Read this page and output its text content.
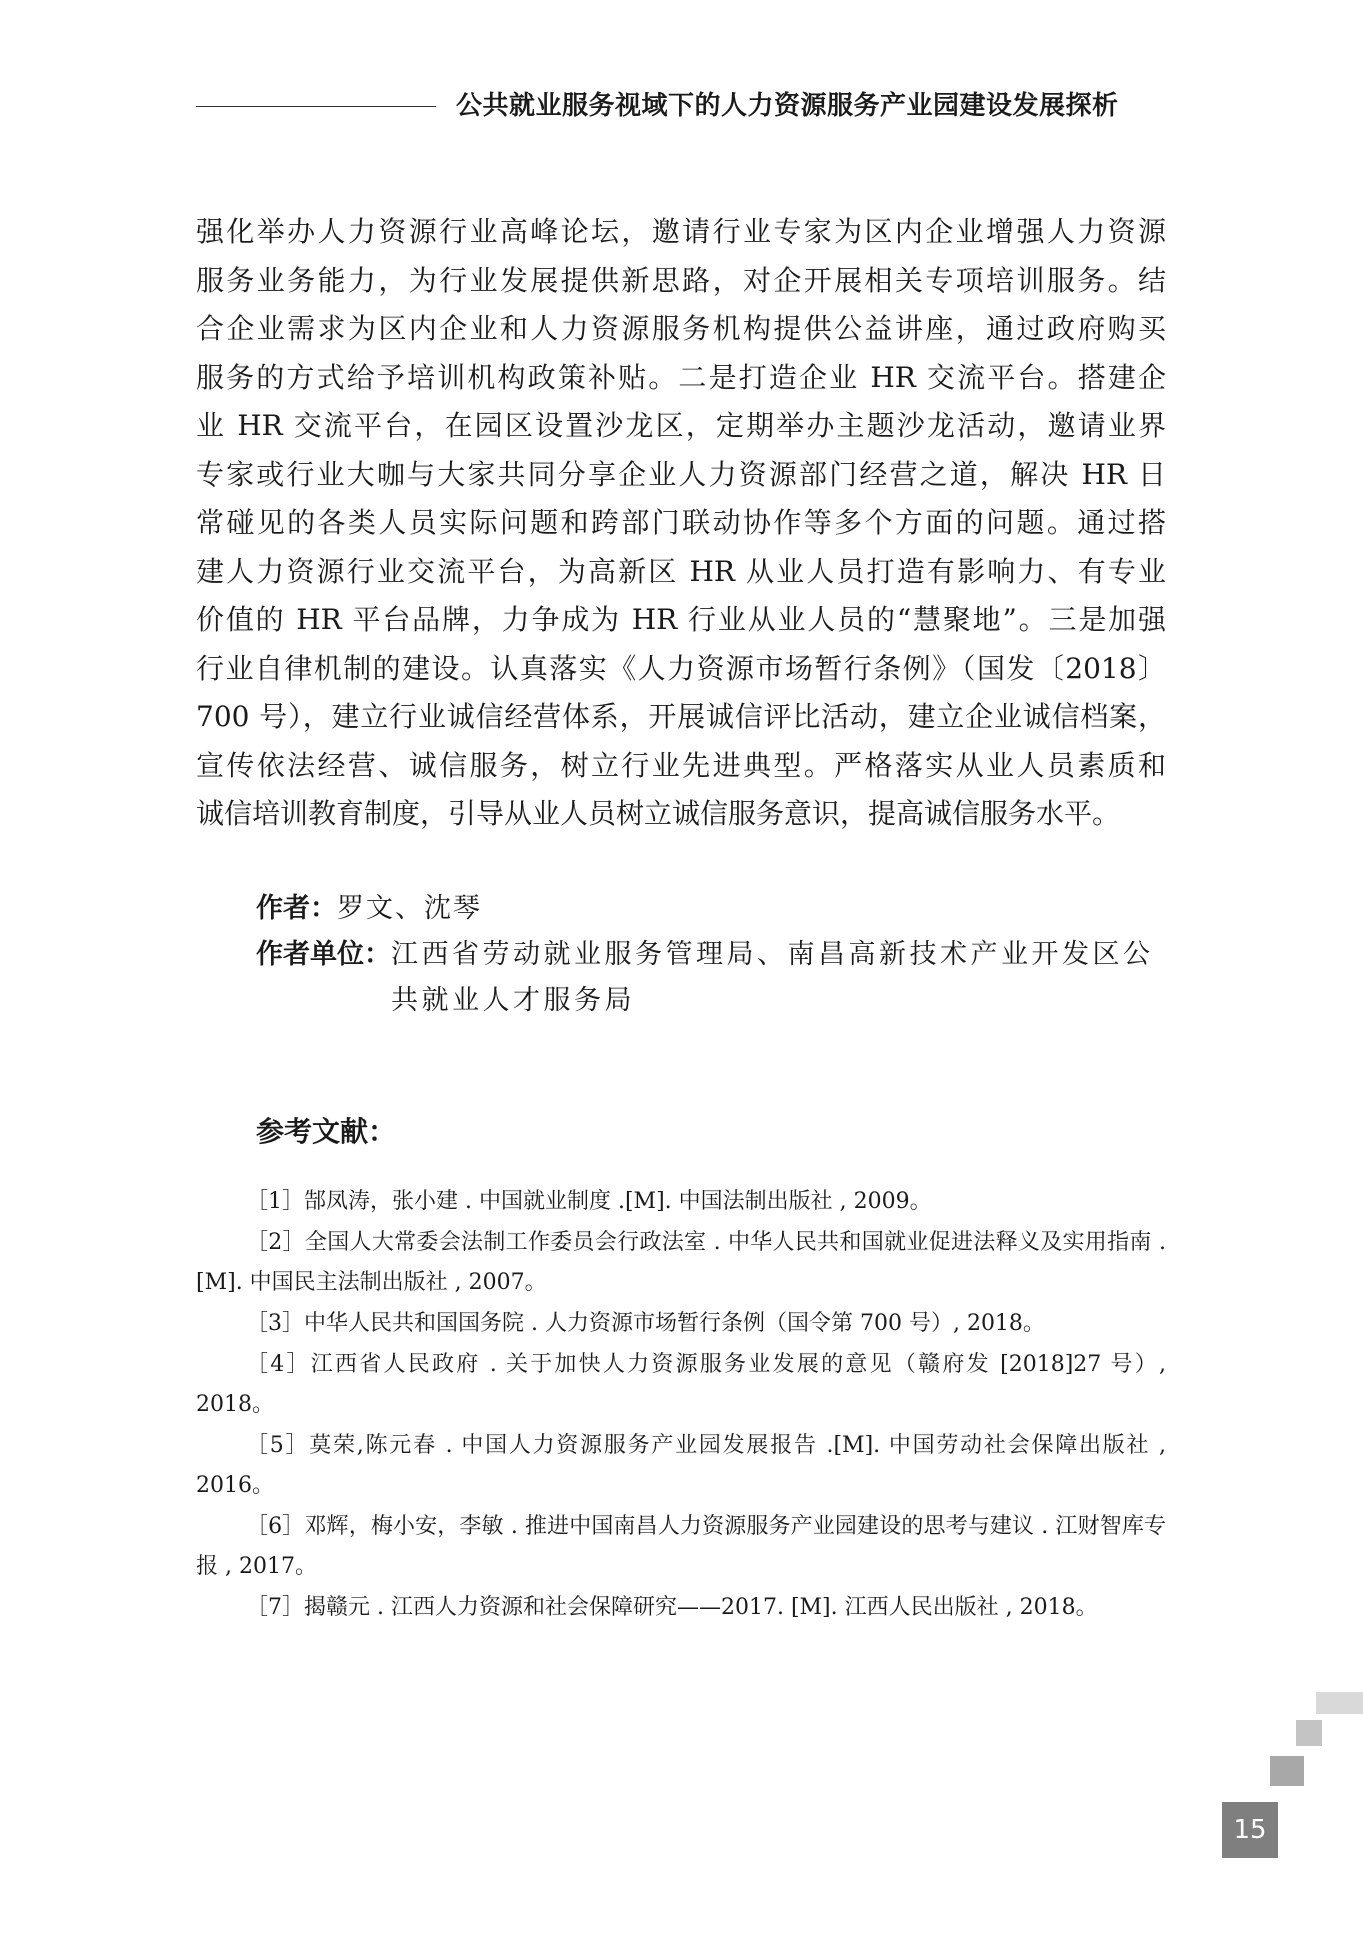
公共就业服务视域下的人力资源服务产业园建设发展探析
强化举办人力资源行业高峰论坛，邀请行业专家为区内企业增强人力资源
服务业务能力，为行业发展提供新思路，对企开展相关专项培训服务。结
合企业需求为区内企业和人力资源服务机构提供公益讲座，通过政府购买
服务的方式给予培训机构政策补贴。二是打造企业 HR 交流平台。搭建企
业 HR 交流平台，在园区设置沙龙区，定期举办主题沙龙活动，邀请业界
专家或行业大咖与大家共同分享企业人力资源部门经营之道，解决 HR 日
常碰见的各类人员实际问题和跨部门联动协作等多个方面的问题。通过搭
建人力资源行业交流平台，为高新区 HR 从业人员打造有影响力、有专业
价值的 HR 平台品牌，力争成为 HR 行业从业人员的“慧聚地”。三是加强
行业自律机制的建设。认真落实《人力资源市场暂行条例》（国发〔2018〕
700 号），建立行业诚信经营体系，开展诚信评比活动，建立企业诚信档案，
宣传依法经营、诚信服务，树立行业先进典型。严格落实从业人员素质和
诚信培训教育制度，引导从业人员树立诚信服务意识，提高诚信服务水平。
作者： 罗文、沈琴
作者单位： 江西省劳动就业服务管理局、南昌高新技术产业开发区公共就业人才服务局
参考文献：
［1］郜凤涛，张小建 . 中国就业制度 .[M]. 中国法制出版社 , 2009。
［2］全国人大常委会法制工作委员会行政法室 . 中华人民共和国就业促进法释义及实用指南 .[M]. 中国民主法制出版社 , 2007。
［3］中华人民共和国国务院 . 人力资源市场暂行条例（国令第 700 号）, 2018。
［4］江西省人民政府 . 关于加快人力资源服务业发展的意见（赣府发 [2018]27 号）, 2018。
［5］莫荣,陈元春 . 中国人力资源服务产业园发展报告 .[M]. 中国劳动社会保障出版社 , 2016。
［6］邓辉，梅小安，李敏 . 推进中国南昌人力资源服务产业园建设的思考与建议 . 江财智库专报 , 2017。
［7］揭赣元 . 江西人力资源和社会保障研究——2017. [M]. 江西人民出版社 , 2018。
15
